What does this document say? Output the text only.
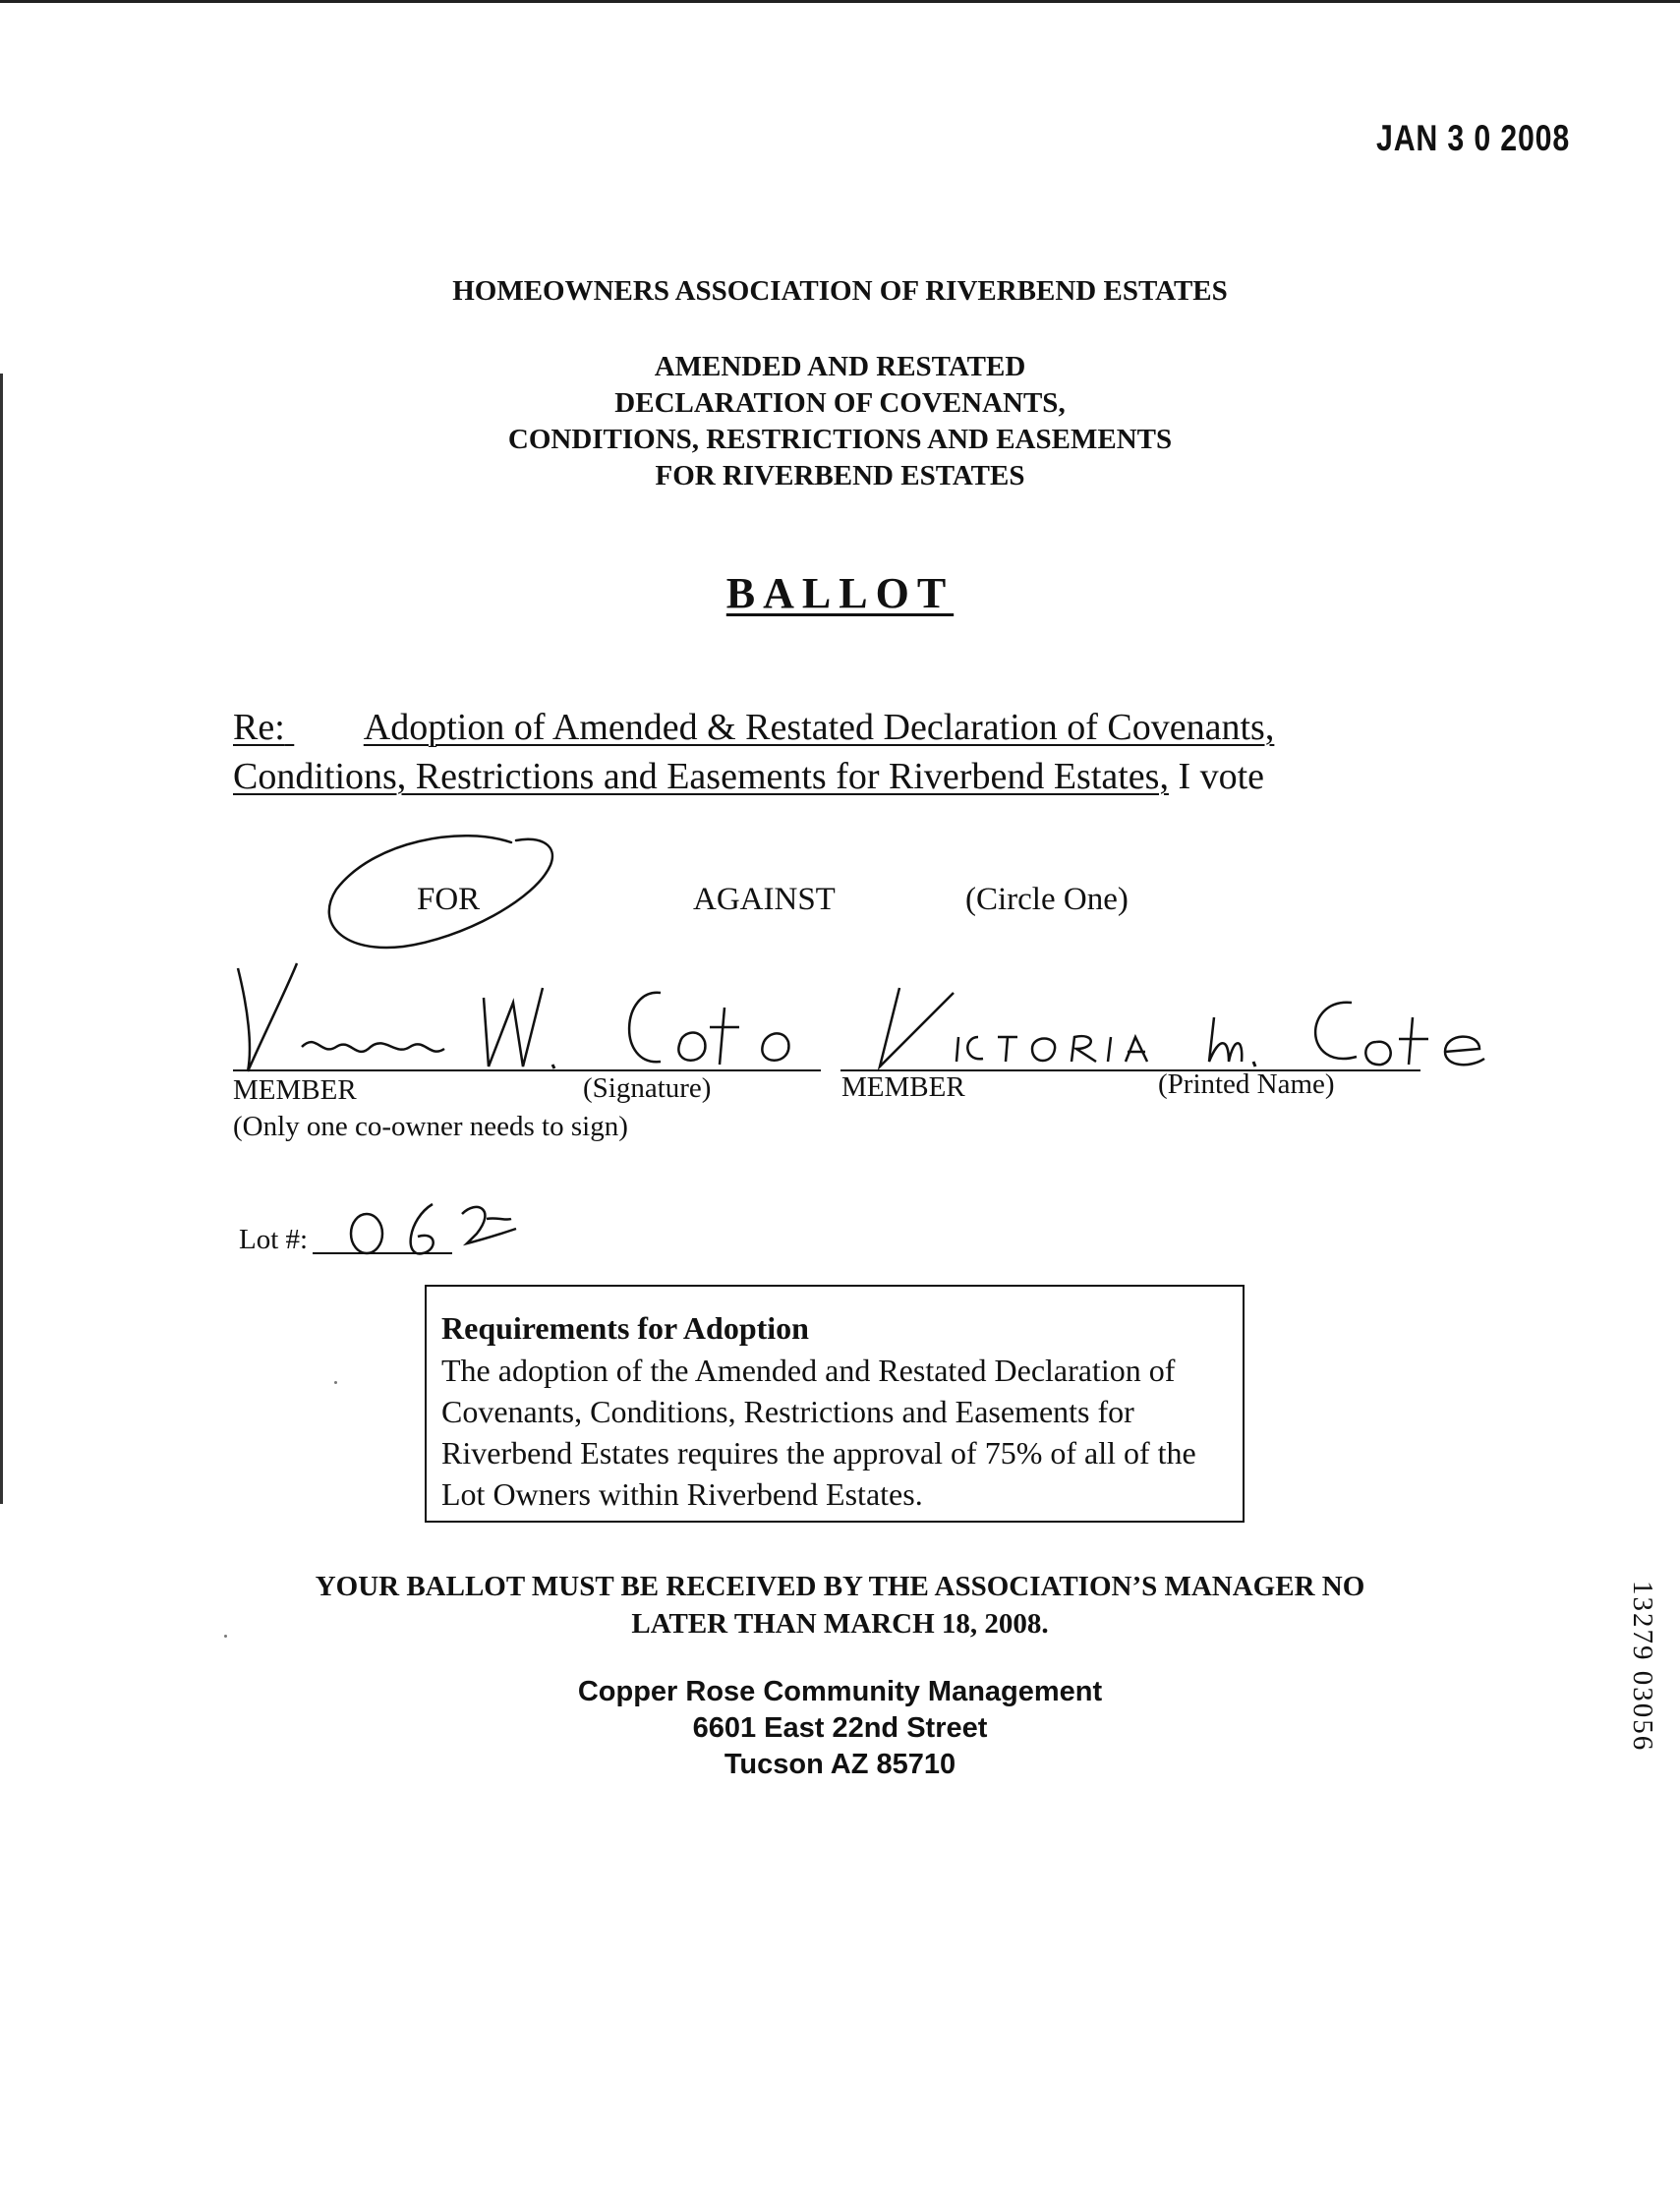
JAN 3 0 2008
HOMEOWNERS ASSOCIATION OF RIVERBEND ESTATES
AMENDED AND RESTATED
DECLARATION OF COVENANTS,
CONDITIONS, RESTRICTIONS AND EASEMENTS
FOR RIVERBEND ESTATES
BALLOT
Re: Adoption of Amended & Restated Declaration of Covenants,
Conditions, Restrictions and Easements for Riverbend Estates, I vote
FOR	AGAINST	(Circle One)
MEMBER	(Signature)	MEMBER	(Printed Name)
(Only one co-owner needs to sign)
Lot #:
Requirements for Adoption
The adoption of the Amended and Restated Declaration of Covenants, Conditions, Restrictions and Easements for Riverbend Estates requires the approval of 75% of all of the Lot Owners within Riverbend Estates.
YOUR BALLOT MUST BE RECEIVED BY THE ASSOCIATION’S MANAGER NO
LATER THAN MARCH 18, 2008.
Copper Rose Community Management
6601 East 22nd Street
Tucson AZ 85710
13279 03056
